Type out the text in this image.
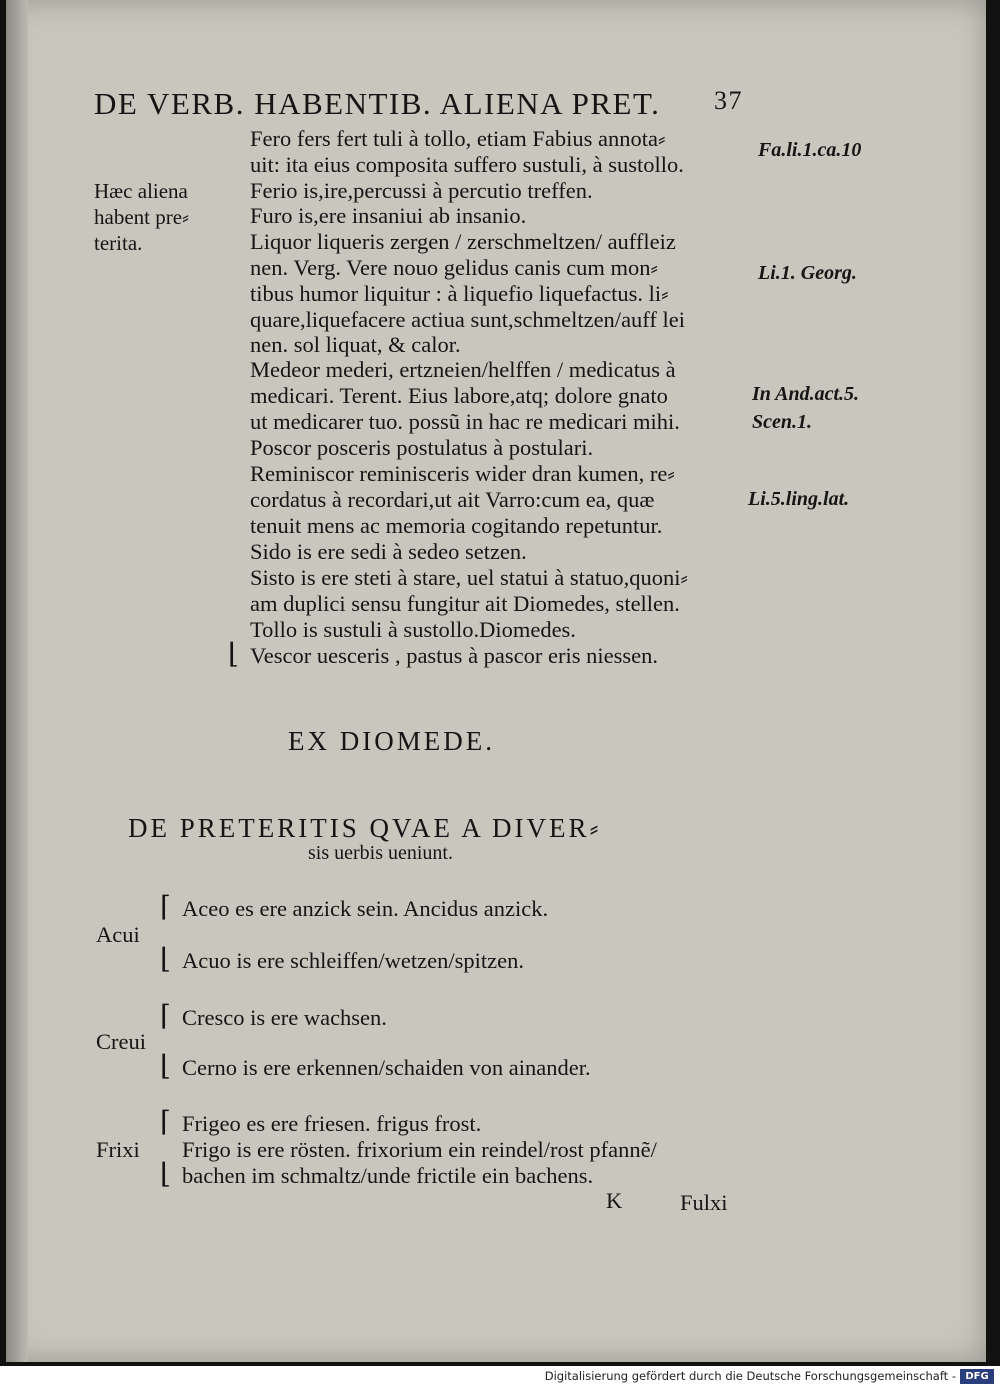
DE VERB. HABENTIB. ALIENA PRET. 37
Hæc aliena
habent pre⸗
terita.
Fa.li.1.ca.10
Li.1. Georg.
In And.act.5.
Scen.1.
Li.5.ling.lat.
Fero fers fert tuli à tollo, etiam Fabius annota⸗
uit: ita eius composita suffero sustuli, à sustollo.
Ferio is,ire,percussi à percutio treffen.
Furo is,ere insaniui ab insanio.
Liquor liqueris zergen / zerschmeltzen/ auffleiz
nen. Verg. Vere nouo gelidus canis cum mon⸗
tibus humor liquitur : à liquefio liquefactus. li⸗
quare,liquefacere actiua sunt,schmeltzen/auff lei
nen. sol liquat, & calor.
Medeor mederi, ertzneien/helffen / medicatus à
medicari. Terent. Eius labore,atq; dolore gnato
ut medicarer tuo. possũ in hac re medicari mihi.
Poscor posceris postulatus à postulari.
Reminiscor reminisceris wider dran kumen, re⸗
cordatus à recordari,ut ait Varro:cum ea, quæ
tenuit mens ac memoria cogitando repetuntur.
Sido is ere sedi à sedeo setzen.
Sisto is ere steti à stare, uel statui à statuo,quoni⸗
am duplici sensu fungitur ait Diomedes, stellen.
Tollo is sustuli à sustollo.Diomedes.
⌊ Vescor uesceris , pastus à pascor eris niessen.
EX DIOMEDE.
DE PRETERITIS QVAE A DIVER⸗
sis uerbis ueniunt.
⌈ Aceo es ere anzick sein. Ancidus anzick.
Acui
⌊ Acuo is ere schleiffen/wetzen/spitzen.
⌈ Cresco is ere wachsen.
Creui
⌊ Cerno is ere erkennen/schaiden von ainander.
⌈ Frigeo es ere friesen. frigus frost.
Frixi Frigo is ere rösten. frixorium ein reindel/rost pfannẽ/
⌊ bachen im schmaltz/unde frictile ein bachens.
K	Fulxi
Digitalisierung gefördert durch die Deutsche Forschungsgemeinschaft - DFG
